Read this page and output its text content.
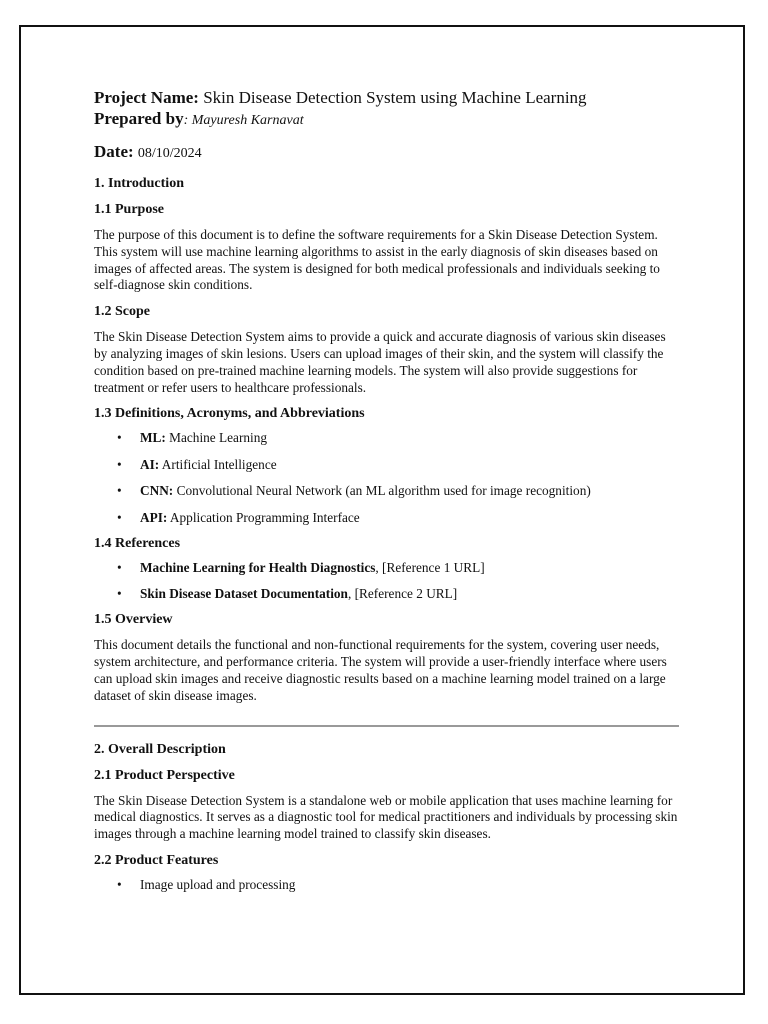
Project Name: Skin Disease Detection System using Machine Learning
Prepared by: Mayuresh Karnavat
Date: 08/10/2024
1. Introduction
1.1 Purpose

The purpose of this document is to define the software requirements for a Skin Disease Detection System. This system will use machine learning algorithms to assist in the early diagnosis of skin diseases based on images of affected areas. The system is designed for both medical professionals and individuals seeking to self-diagnose skin conditions.

1.2 Scope

The Skin Disease Detection System aims to provide a quick and accurate diagnosis of various skin diseases by analyzing images of skin lesions. Users can upload images of their skin, and the system will classify the condition based on pre-trained machine learning models. The system will also provide suggestions for treatment or refer users to healthcare professionals.

1.3 Definitions, Acronyms, and Abbreviations
• ML: Machine Learning
• AI: Artificial Intelligence
• CNN: Convolutional Neural Network (an ML algorithm used for image recognition)
• API: Application Programming Interface
1.4 References
• Machine Learning for Health Diagnostics, [Reference 1 URL]
• Skin Disease Dataset Documentation, [Reference 2 URL]
1.5 Overview

This document details the functional and non-functional requirements for the system, covering user needs, system architecture, and performance criteria. The system will provide a user-friendly interface where users can upload skin images and receive diagnostic results based on a machine learning model trained on a large dataset of skin disease images.

2. Overall Description
2.1 Product Perspective

The Skin Disease Detection System is a standalone web or mobile application that uses machine learning for medical diagnostics. It serves as a diagnostic tool for medical practitioners and individuals by processing skin images through a machine learning model trained to classify skin diseases.

2.2 Product Features
• Image upload and processing
